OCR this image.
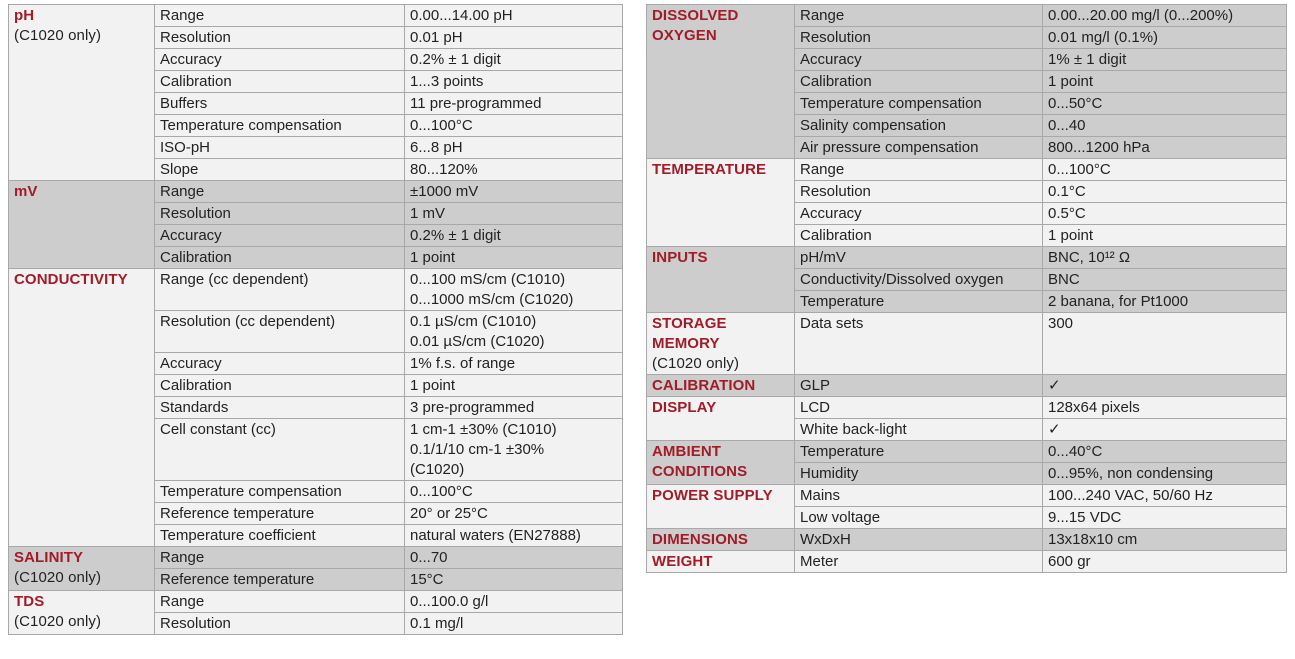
pH
(C1020 only)	Range	0.00...14.00 pH
	Resolution	0.01 pH
	Accuracy	0.2% ± 1 digit
	Calibration	1...3 points
	Buffers	11 pre-programmed
	Temperature compensation	0...100°C
	ISO-pH	6...8 pH
	Slope	80...120%

mV	Range	±1000 mV
	Resolution	1 mV
	Accuracy	0.2% ± 1 digit
	Calibration	1 point

CONDUCTIVITY	Range (cc dependent)	0...100 mS/cm (C1010)
0...1000 mS/cm (C1020)
	Resolution (cc dependent)	0.1 µS/cm (C1010)
0.01 µS/cm (C1020)
	Accuracy	1% f.s. of range
	Calibration	1 point
	Standards	3 pre-programmed
	Cell constant (cc)	1 cm-1 ±30% (C1010)
0.1/1/10 cm-1 ±30%
(C1020)
	Temperature compensation	0...100°C
	Reference temperature	20° or 25°C
	Temperature coefficient	natural waters (EN27888)

SALINITY
(C1020 only)	Range	0...70
	Reference temperature	15°C

TDS
(C1020 only)	Range	0...100.0 g/l
	Resolution	0.1 mg/l
DISSOLVED
OXYGEN	Range	0.00...20.00 mg/l (0...200%)
	Resolution	0.01 mg/l (0.1%)
	Accuracy	1% ± 1 digit
	Calibration	1 point
	Temperature compensation	0...50°C
	Salinity compensation	0...40
	Air pressure compensation	800...1200 hPa

TEMPERATURE	Range	0...100°C
	Resolution	0.1°C
	Accuracy	0.5°C
	Calibration	1 point

INPUTS	pH/mV	BNC, 10¹² Ω
	Conductivity/Dissolved oxygen	BNC
	Temperature	2 banana, for Pt1000

STORAGE
MEMORY
(C1020 only)	Data sets	300

CALIBRATION	GLP	✓

DISPLAY	LCD	128x64 pixels
	White back-light	✓

AMBIENT
CONDITIONS	Temperature	0...40°C
	Humidity	0...95%, non condensing

POWER SUPPLY	Mains	100...240 VAC, 50/60 Hz
	Low voltage	9...15 VDC

DIMENSIONS	WxDxH	13x18x10 cm

WEIGHT	Meter	600 gr
